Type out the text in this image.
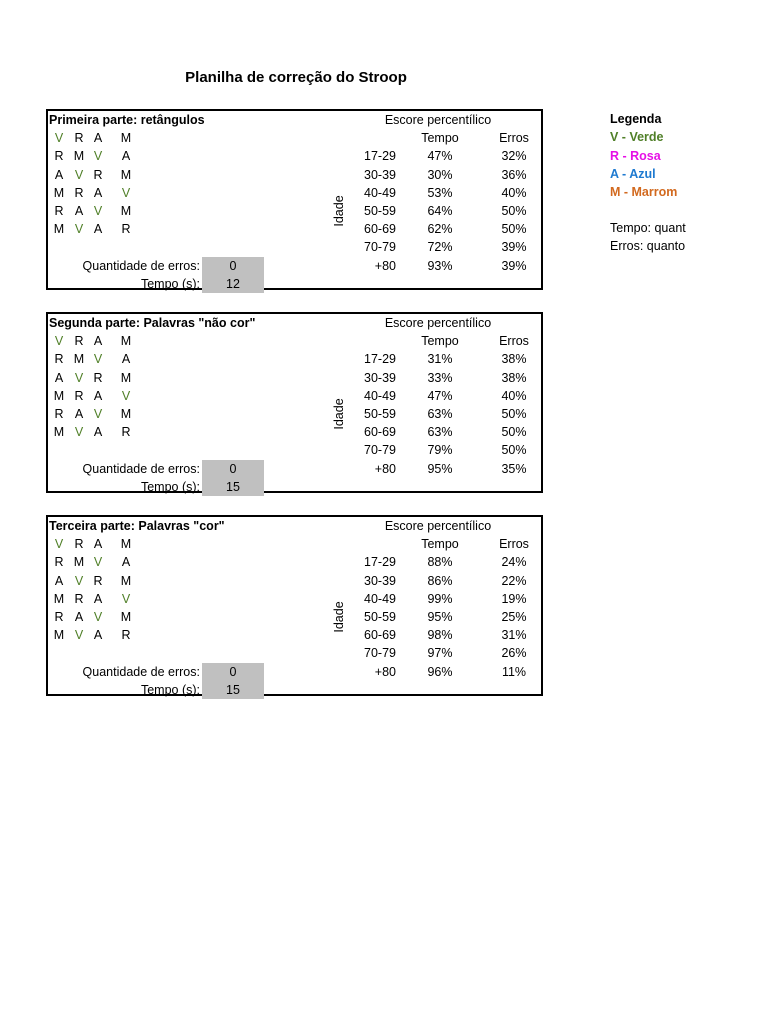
Planilha de correção do Stroop
Primeira parte: retângulos	Escore percentílico
Tempo	Erros
V R A M
R M V A
A V R M
M R A V
R A V M
M V A R
Idade
17-29	47%	32%
30-39	30%	36%
40-49	53%	40%
50-59	64%	50%
60-69	62%	50%
70-79	72%	39%
+80	93%	39%
Quantidade de erros:	0
Tempo (s):	12
Segunda parte: Palavras "não cor"	Escore percentílico
Tempo	Erros
V R A M
R M V A
A V R M
M R A V
R A V M
M V A R
Idade
17-29	31%	38%
30-39	33%	38%
40-49	47%	40%
50-59	63%	50%
60-69	63%	50%
70-79	79%	50%
+80	95%	35%
Quantidade de erros:	0
Tempo (s):	15
Terceira parte: Palavras "cor"	Escore percentílico
Tempo	Erros
V R A M
R M V A
A V R M
M R A V
R A V M
M V A R
Idade
17-29	88%	24%
30-39	86%	22%
40-49	99%	19%
50-59	95%	25%
60-69	98%	31%
70-79	97%	26%
+80	96%	11%
Quantidade de erros:	0
Tempo (s):	15
Legenda
V - Verde
R - Rosa
A - Azul
M - Marrom
Tempo: quant
Erros: quanto
